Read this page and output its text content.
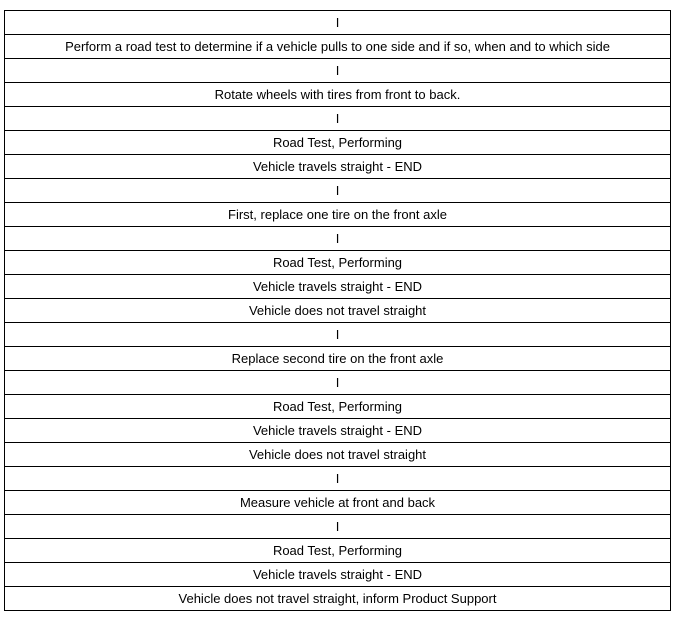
I
Perform a road test to determine if a vehicle pulls to one side and if so, when and to which side
I
Rotate wheels with tires from front to back.
I
Road Test, Performing
Vehicle travels straight - END
I
First, replace one tire on the front axle
I
Road Test, Performing
Vehicle travels straight - END
Vehicle does not travel straight
I
Replace second tire on the front axle
I
Road Test, Performing
Vehicle travels straight - END
Vehicle does not travel straight
I
Measure vehicle at front and back
I
Road Test, Performing
Vehicle travels straight - END
Vehicle does not travel straight, inform Product Support
